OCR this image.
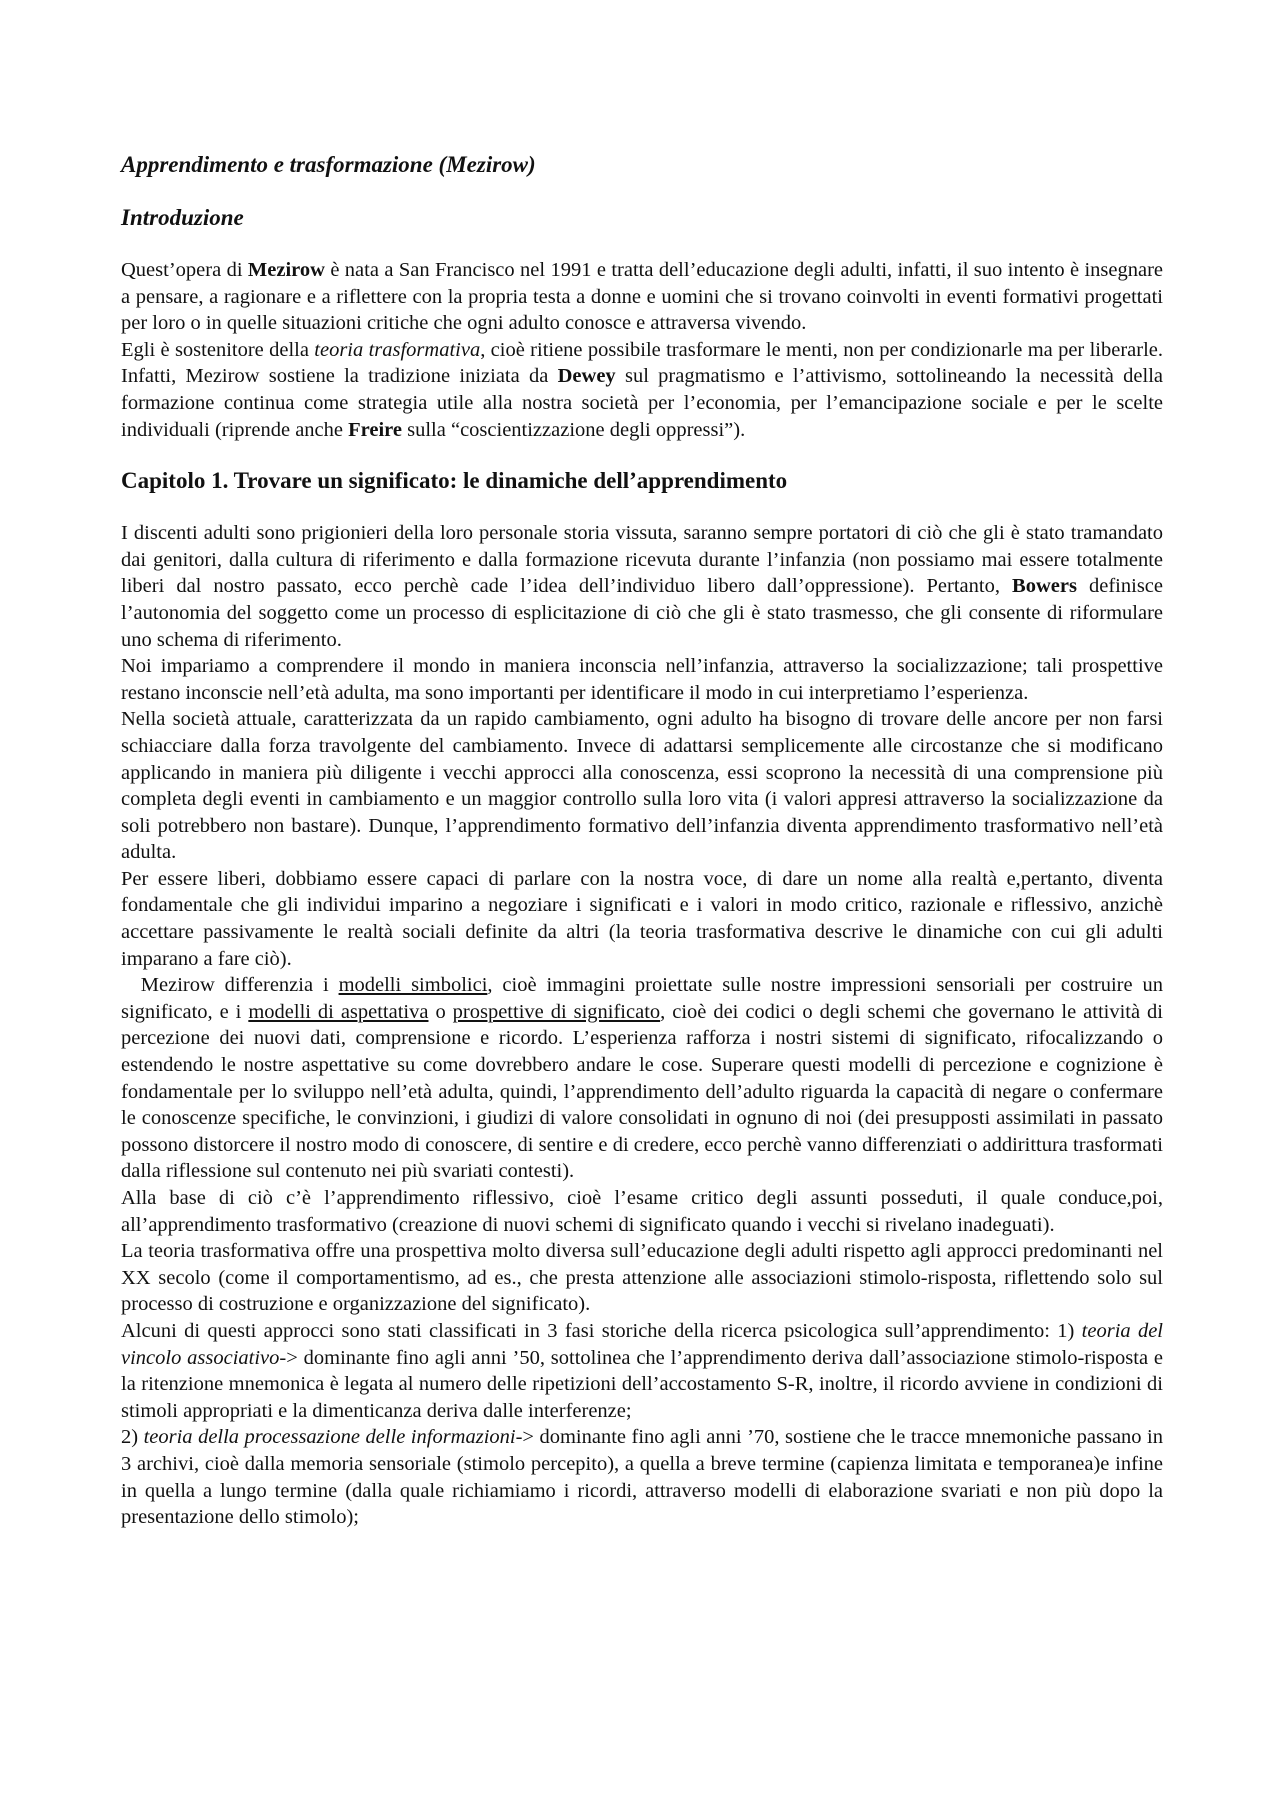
Apprendimento e trasformazione (Mezirow)
Introduzione

Quest’opera di Mezirow è nata a San Francisco nel 1991 e tratta dell’educazione degli adulti, infatti, il suo intento è insegnare a pensare, a ragionare e a riflettere con la propria testa a donne e uomini che si trovano coinvolti in eventi formativi progettati per loro o in quelle situazioni critiche che ogni adulto conosce e attraversa vivendo.

Egli è sostenitore della teoria trasformativa, cioè ritiene possibile trasformare le menti, non per condizionarle ma per liberarle. Infatti, Mezirow sostiene la tradizione iniziata da Dewey sul pragmatismo e l’attivismo, sottolineando la necessità della formazione continua come strategia utile alla nostra società per l’economia, per l’emancipazione sociale e per le scelte individuali (riprende anche Freire sulla “coscientizzazione degli oppressi”).

Capitolo 1. Trovare un significato: le dinamiche dell’apprendimento

I discenti adulti sono prigionieri della loro personale storia vissuta, saranno sempre portatori di ciò che gli è stato tramandato dai genitori, dalla cultura di riferimento e dalla formazione ricevuta durante l’infanzia (non possiamo mai essere totalmente liberi dal nostro passato, ecco perchè cade l’idea dell’individuo libero dall’oppressione). Pertanto, Bowers definisce l’autonomia del soggetto come un processo di esplicitazione di ciò che gli è stato trasmesso, che gli consente di riformulare uno schema di riferimento.

Noi impariamo a comprendere il mondo in maniera inconscia nell’infanzia, attraverso la socializzazione; tali prospettive restano inconscie nell’età adulta, ma sono importanti per identificare il modo in cui interpretiamo l’esperienza.

Nella società attuale, caratterizzata da un rapido cambiamento, ogni adulto ha bisogno di trovare delle ancore per non farsi schiacciare dalla forza travolgente del cambiamento. Invece di adattarsi semplicemente alle circostanze che si modificano applicando in maniera più diligente i vecchi approcci alla conoscenza, essi scoprono la necessità di una comprensione più completa degli eventi in cambiamento e un maggior controllo sulla loro vita (i valori appresi attraverso la socializzazione da soli potrebbero non bastare). Dunque, l’apprendimento formativo dell’infanzia diventa apprendimento trasformativo nell’età adulta.

Per essere liberi, dobbiamo essere capaci di parlare con la nostra voce, di dare un nome alla realtà e,pertanto, diventa fondamentale che gli individui imparino a negoziare i significati e i valori in modo critico, razionale e riflessivo, anzichè accettare passivamente le realtà sociali definite da altri (la teoria trasformativa descrive le dinamiche con cui gli adulti imparano a fare ciò).

Mezirow differenzia i modelli simbolici, cioè immagini proiettate sulle nostre impressioni sensoriali per costruire un significato, e i modelli di aspettativa o prospettive di significato, cioè dei codici o degli schemi che governano le attività di percezione dei nuovi dati, comprensione e ricordo. L’esperienza rafforza i nostri sistemi di significato, rifocalizzando o estendendo le nostre aspettative su come dovrebbero andare le cose. Superare questi modelli di percezione e cognizione è fondamentale per lo sviluppo nell’età adulta, quindi, l’apprendimento dell’adulto riguarda la capacità di negare o confermare le conoscenze specifiche, le convinzioni, i giudizi di valore consolidati in ognuno di noi (dei presupposti assimilati in passato possono distorcere il nostro modo di conoscere, di sentire e di credere, ecco perchè vanno differenziati o addirittura trasformati dalla riflessione sul contenuto nei più svariati contesti).

Alla base di ciò c’è l’apprendimento riflessivo, cioè l’esame critico degli assunti posseduti, il quale conduce,poi, all’apprendimento trasformativo (creazione di nuovi schemi di significato quando i vecchi si rivelano inadeguati).

La teoria trasformativa offre una prospettiva molto diversa sull’educazione degli adulti rispetto agli approcci predominanti nel XX secolo (come il comportamentismo, ad es., che presta attenzione alle associazioni stimolo-risposta, riflettendo solo sul processo di costruzione e organizzazione del significato).

Alcuni di questi approcci sono stati classificati in 3 fasi storiche della ricerca psicologica sull’apprendimento: 1) teoria del vincolo associativo-> dominante fino agli anni ’50, sottolinea che l’apprendimento deriva dall’associazione stimolo-risposta e la ritenzione mnemonica è legata al numero delle ripetizioni dell’accostamento S-R, inoltre, il ricordo avviene in condizioni di stimoli appropriati e la dimenticanza deriva dalle interferenze;

2) teoria della processazione delle informazioni-> dominante fino agli anni ’70, sostiene che le tracce mnemoniche passano in 3 archivi, cioè dalla memoria sensoriale (stimolo percepito), a quella a breve termine (capienza limitata e temporanea)e infine in quella a lungo termine (dalla quale richiamiamo i ricordi, attraverso modelli di elaborazione svariati e non più dopo la presentazione dello stimolo);
